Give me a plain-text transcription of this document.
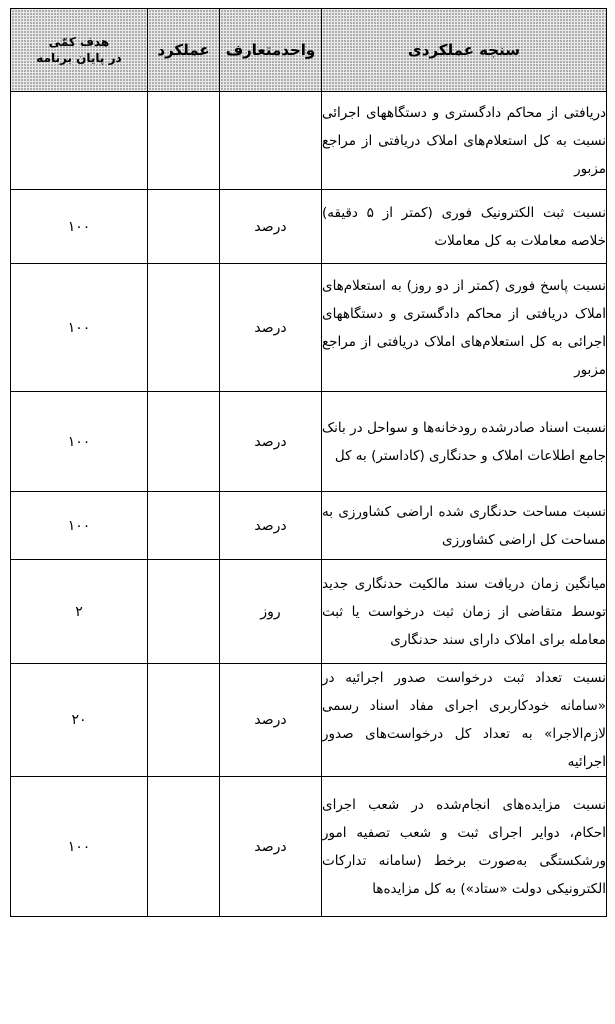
سنجه عملکردی	واحدمتعارف	عملکرد	هدف کمّی
در پایان برنامه

دریافتی از محاکم دادگستری و دستگاههای اجرائی نسبت به کل استعلام‌های املاک دریافتی از مراجع مزبور			
نسبت ثبت الکترونیک فوری (کمتر از ۵ دقیقه) خلاصه معاملات به کل معاملات	درصد		۱۰۰
نسبت پاسخ فوری (کمتر از دو روز) به استعلام‌های املاک دریافتی از محاکم دادگستری و دستگاههای اجرائی به کل استعلام‌های املاک دریافتی از مراجع مزبور	درصد		۱۰۰
نسبت اسناد صادرشده رودخانه‌ها و سواحل در بانک جامع اطلاعات املاک و حدنگاری (کاداستر) به کل	درصد		۱۰۰
نسبت مساحت حدنگاری شده اراضی کشاورزی به مساحت کل اراضی کشاورزی	درصد		۱۰۰
میانگین زمان دریافت سند مالکیت حدنگاری جدید توسط متقاضی از زمان ثبت درخواست یا ثبت معامله برای املاک دارای سند حدنگاری	روز		۲
نسبت تعداد ثبت درخواست صدور اجرائیه در «سامانه خودکاربری اجرای مفاد اسناد رسمی لازم‌الاجرا» به تعداد کل درخواست‌های صدور اجرائیه	درصد		۲۰
نسبت مزایده‌های انجام‌شده در شعب اجرای احکام، دوایر اجرای ثبت و شعب تصفیه امور ورشکستگی به‌صورت برخط (سامانه تدارکات الکترونیکی دولت «ستاد») به کل مزایده‌ها	درصد		۱۰۰
